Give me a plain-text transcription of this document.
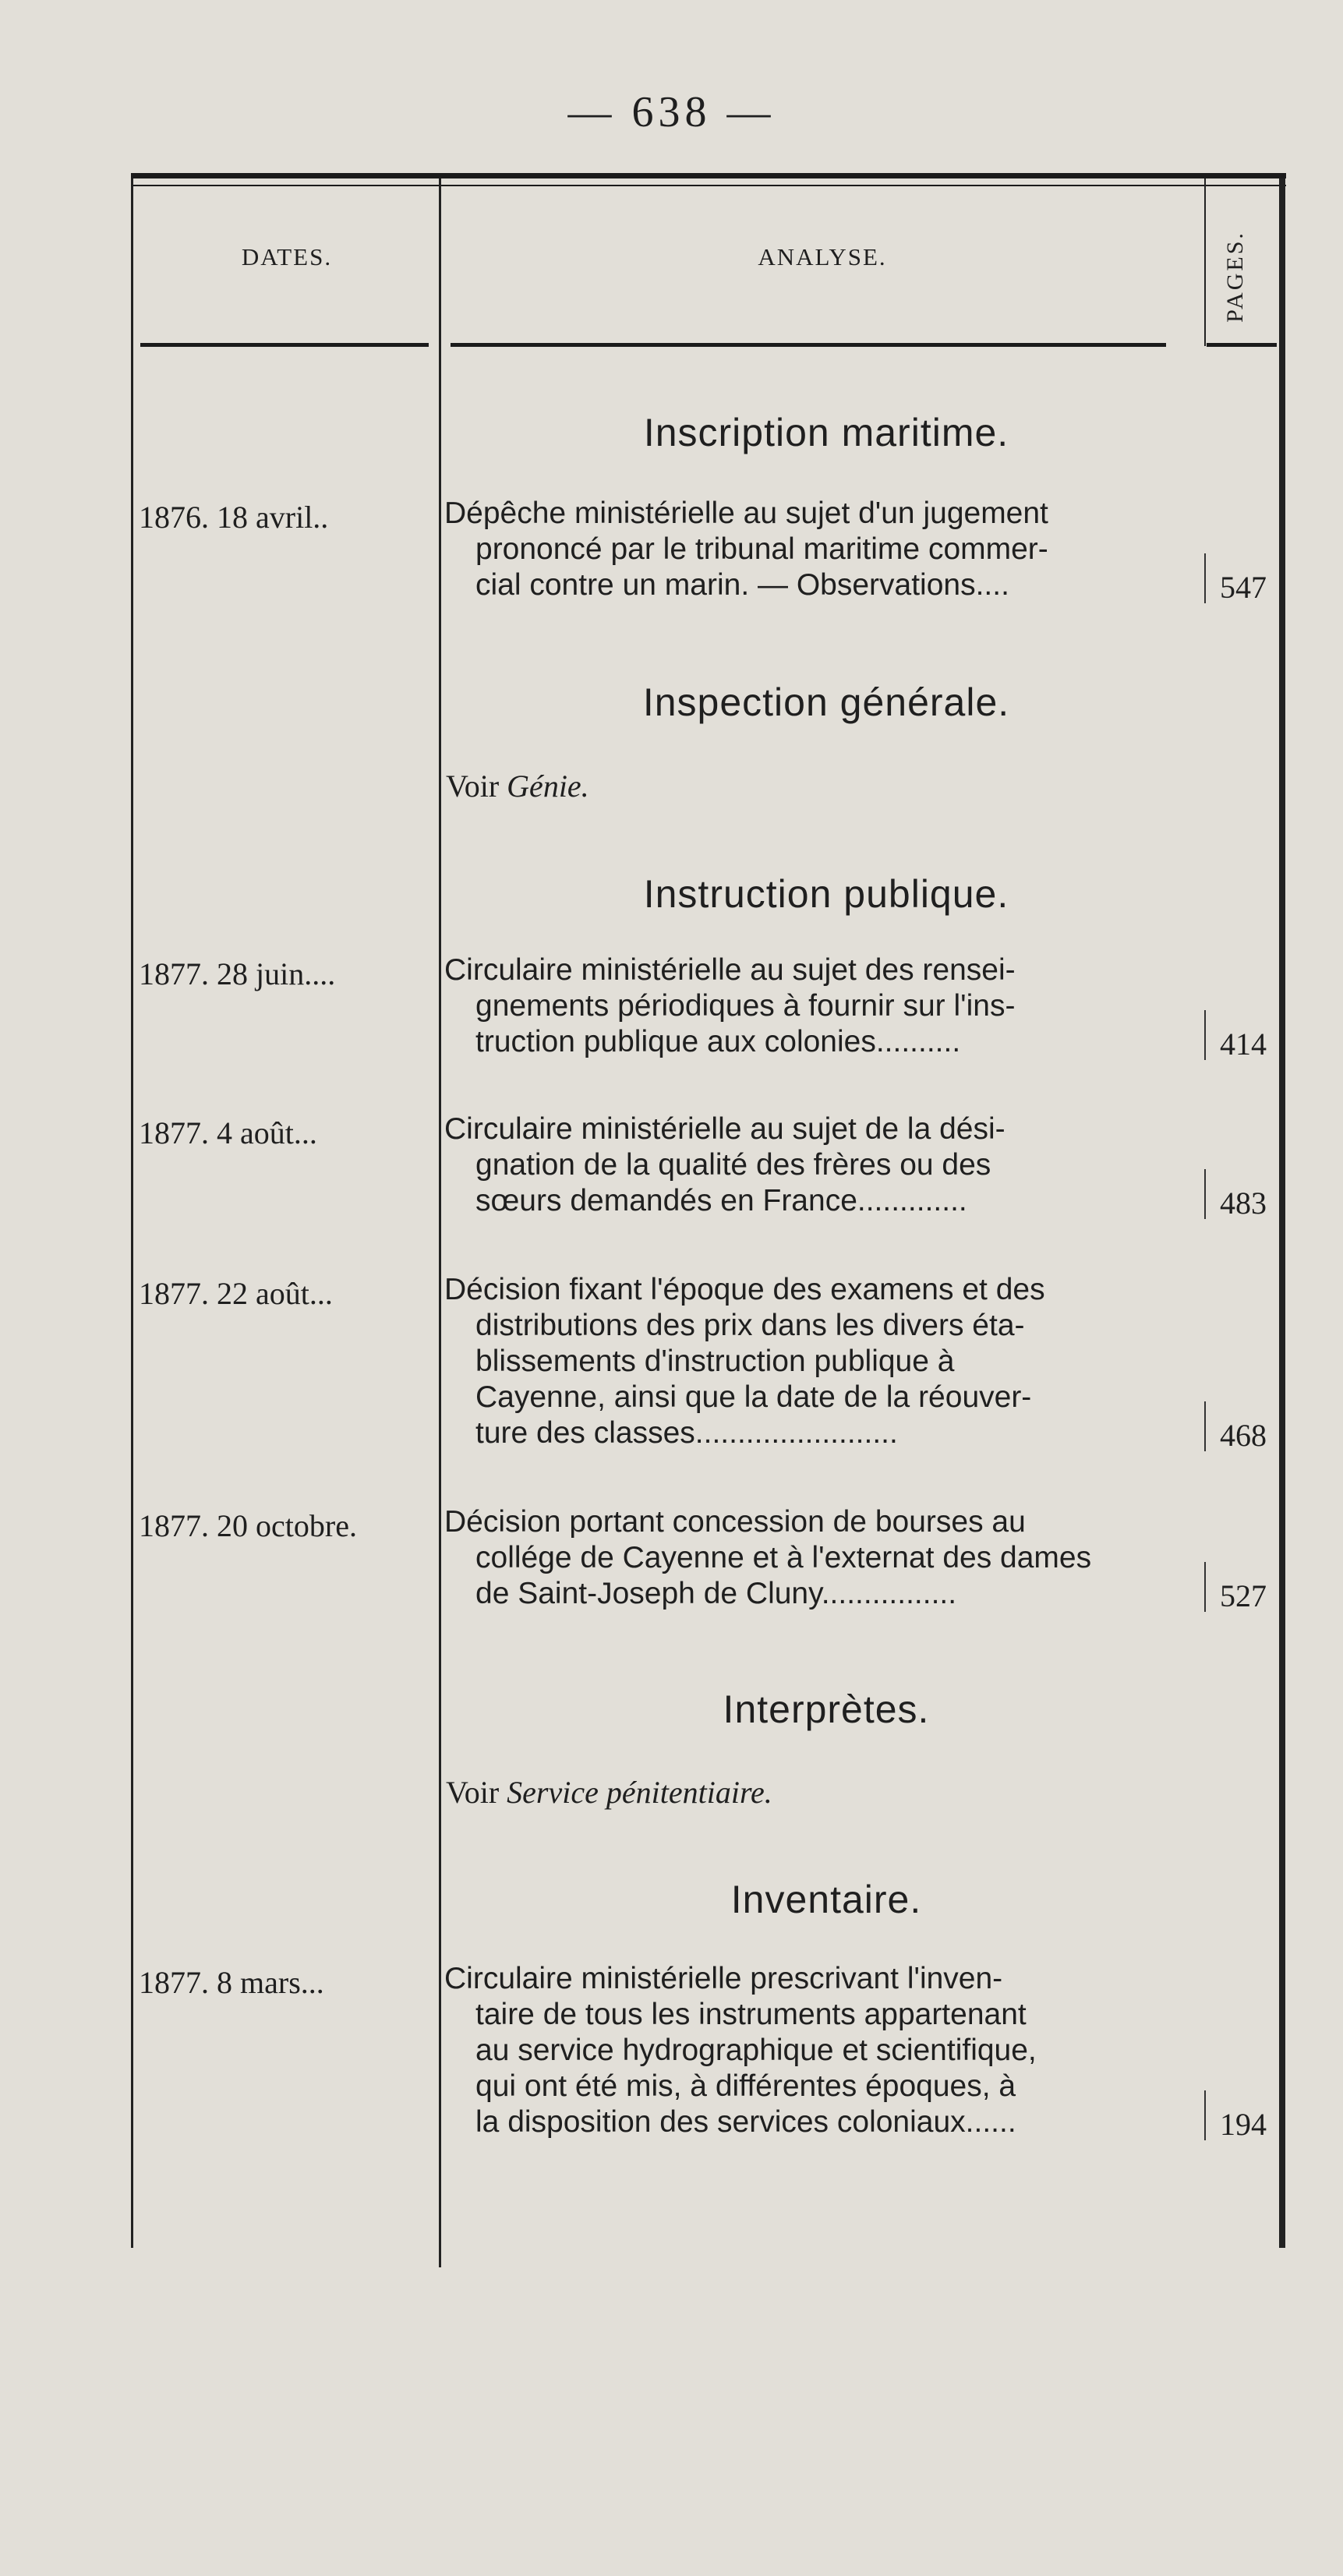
— 638 —
DATES.	ANALYSE.	PAGES.
Inscription maritime.
1876. 18 avril..	Dépêche ministérielle au sujet d'un jugement
prononcé par le tribunal maritime commer-
cial contre un marin. — Observations....	547
Inspection générale.
Voir Génie.
Instruction publique.
1877. 28 juin....	Circulaire ministérielle au sujet des rensei-
gnements périodiques à fournir sur l'ins-
truction publique aux colonies..........	414
1877. 4 août...	Circulaire ministérielle au sujet de la dési-
gnation de la qualité des frères ou des
sœurs demandés en France.............	483
1877. 22 août...	Décision fixant l'époque des examens et des
distributions des prix dans les divers éta-
blissements d'instruction publique à
Cayenne, ainsi que la date de la réouver-
ture des classes........................	468
1877. 20 octobre.	Décision portant concession de bourses au
collége de Cayenne et à l'externat des dames
de Saint-Joseph de Cluny................	527
Interprètes.
Voir Service pénitentiaire.
Inventaire.
1877. 8 mars...	Circulaire ministérielle prescrivant l'inven-
taire de tous les instruments appartenant
au service hydrographique et scientifique,
qui ont été mis, à différentes époques, à
la disposition des services coloniaux......	194
